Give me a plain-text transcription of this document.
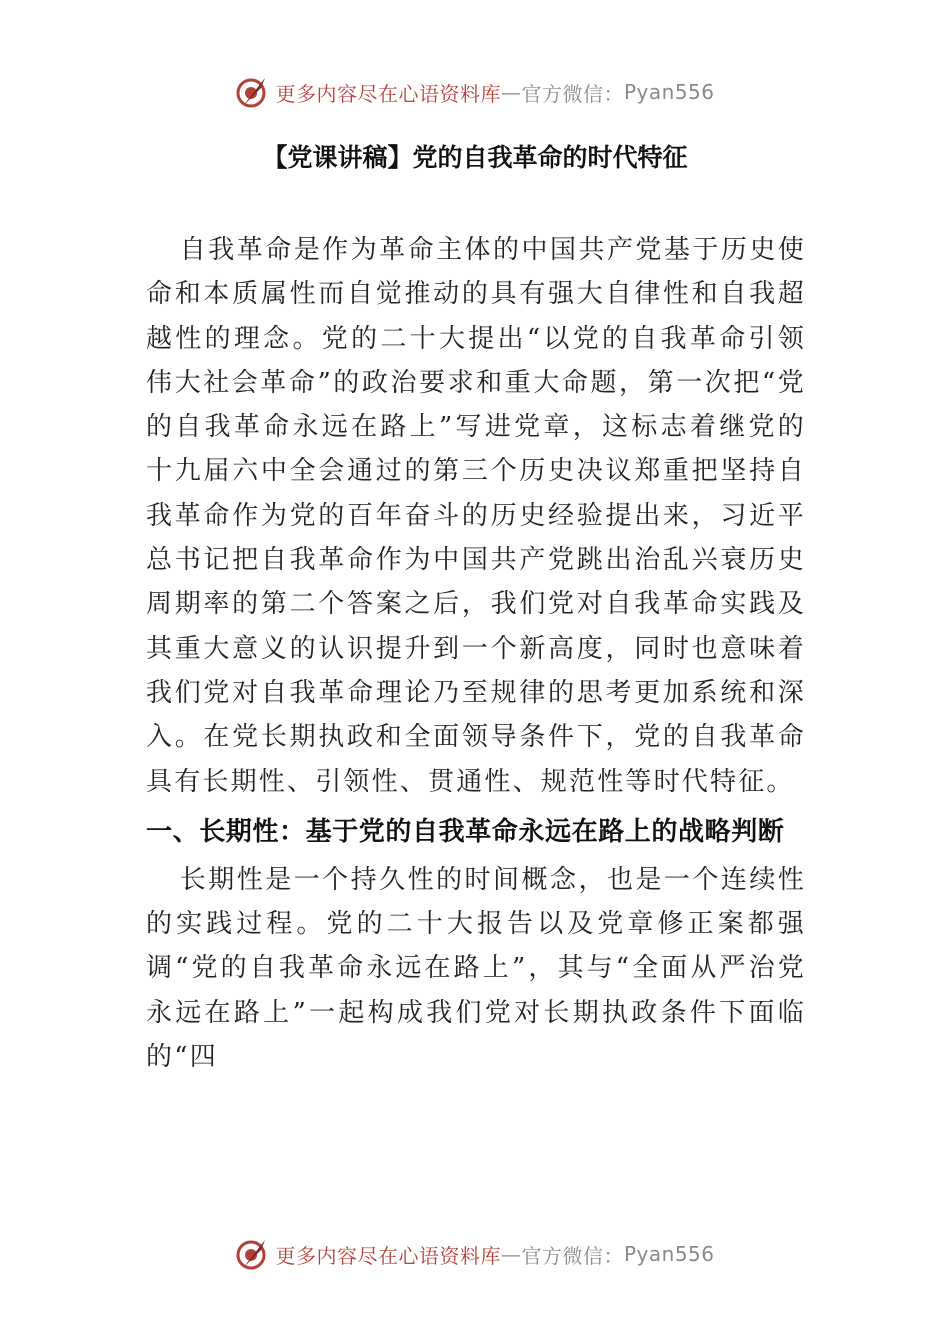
更多内容尽在心语资料库 — 官方微信 ： Pyan556
【党课讲稿】党的自我革命的时代特征

自我革命是作为革命主体的中国共产党基于历史使命和本质属性而自觉推动的具有强大自律性和自我超越性的理念。党的二十大提出“以党的自我革命引领伟大社会革命”的政治要求和重大命题，第一次把“党的自我革命永远在路上”写进党章，这标志着继党的十九届六中全会通过的第三个历史决议郑重把坚持自我革命作为党的百年奋斗的历史经验提出来，习近平总书记把自我革命作为中国共产党跳出治乱兴衰历史周期率的第二个答案之后，我们党对自我革命实践及其重大意义的认识提升到一个新高度，同时也意味着我们党对自我革命理论乃至规律的思考更加系统和深入。在党长期执政和全面领导条件下，党的自我革命具有长期性、引领性、贯通性、规范性等时代特征。

一、长期性：基于党的自我革命永远在路上的战略判断

长期性是一个持久性的时间概念，也是一个连续性的实践过程。党的二十大报告以及党章修正案都强调“党的自我革命永远在路上”，其与“全面从严治党永远在路上”一起构成我们党对长期执政条件下面临的“四

更多内容尽在心语资料库 — 官方微信 ： Pyan556
